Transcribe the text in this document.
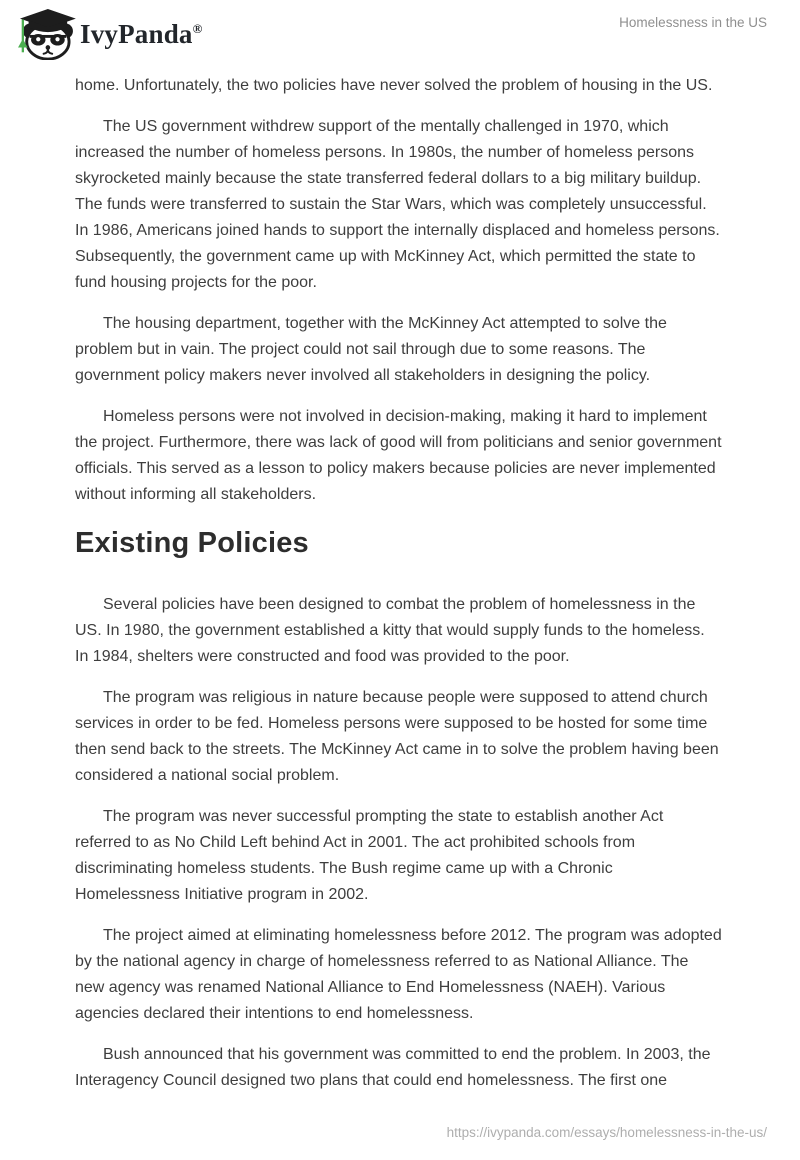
IvyPanda®	Homelessness in the US

home. Unfortunately, the two policies have never solved the problem of housing in the US.

The US government withdrew support of the mentally challenged in 1970, which increased the number of homeless persons. In 1980s, the number of homeless persons skyrocketed mainly because the state transferred federal dollars to a big military buildup. The funds were transferred to sustain the Star Wars, which was completely unsuccessful. In 1986, Americans joined hands to support the internally displaced and homeless persons. Subsequently, the government came up with McKinney Act, which permitted the state to fund housing projects for the poor.

The housing department, together with the McKinney Act attempted to solve the problem but in vain. The project could not sail through due to some reasons. The government policy makers never involved all stakeholders in designing the policy.

Homeless persons were not involved in decision-making, making it hard to implement the project. Furthermore, there was lack of good will from politicians and senior government officials. This served as a lesson to policy makers because policies are never implemented without informing all stakeholders.

Existing Policies

Several policies have been designed to combat the problem of homelessness in the US. In 1980, the government established a kitty that would supply funds to the homeless. In 1984, shelters were constructed and food was provided to the poor.

The program was religious in nature because people were supposed to attend church services in order to be fed. Homeless persons were supposed to be hosted for some time then send back to the streets. The McKinney Act came in to solve the problem having been considered a national social problem.

The program was never successful prompting the state to establish another Act referred to as No Child Left behind Act in 2001. The act prohibited schools from discriminating homeless students. The Bush regime came up with a Chronic Homelessness Initiative program in 2002.

The project aimed at eliminating homelessness before 2012. The program was adopted by the national agency in charge of homelessness referred to as National Alliance. The new agency was renamed National Alliance to End Homelessness (NAEH). Various agencies declared their intentions to end homelessness.

Bush announced that his government was committed to end the problem. In 2003, the Interagency Council designed two plans that could end homelessness. The first one

https://ivypanda.com/essays/homelessness-in-the-us/
